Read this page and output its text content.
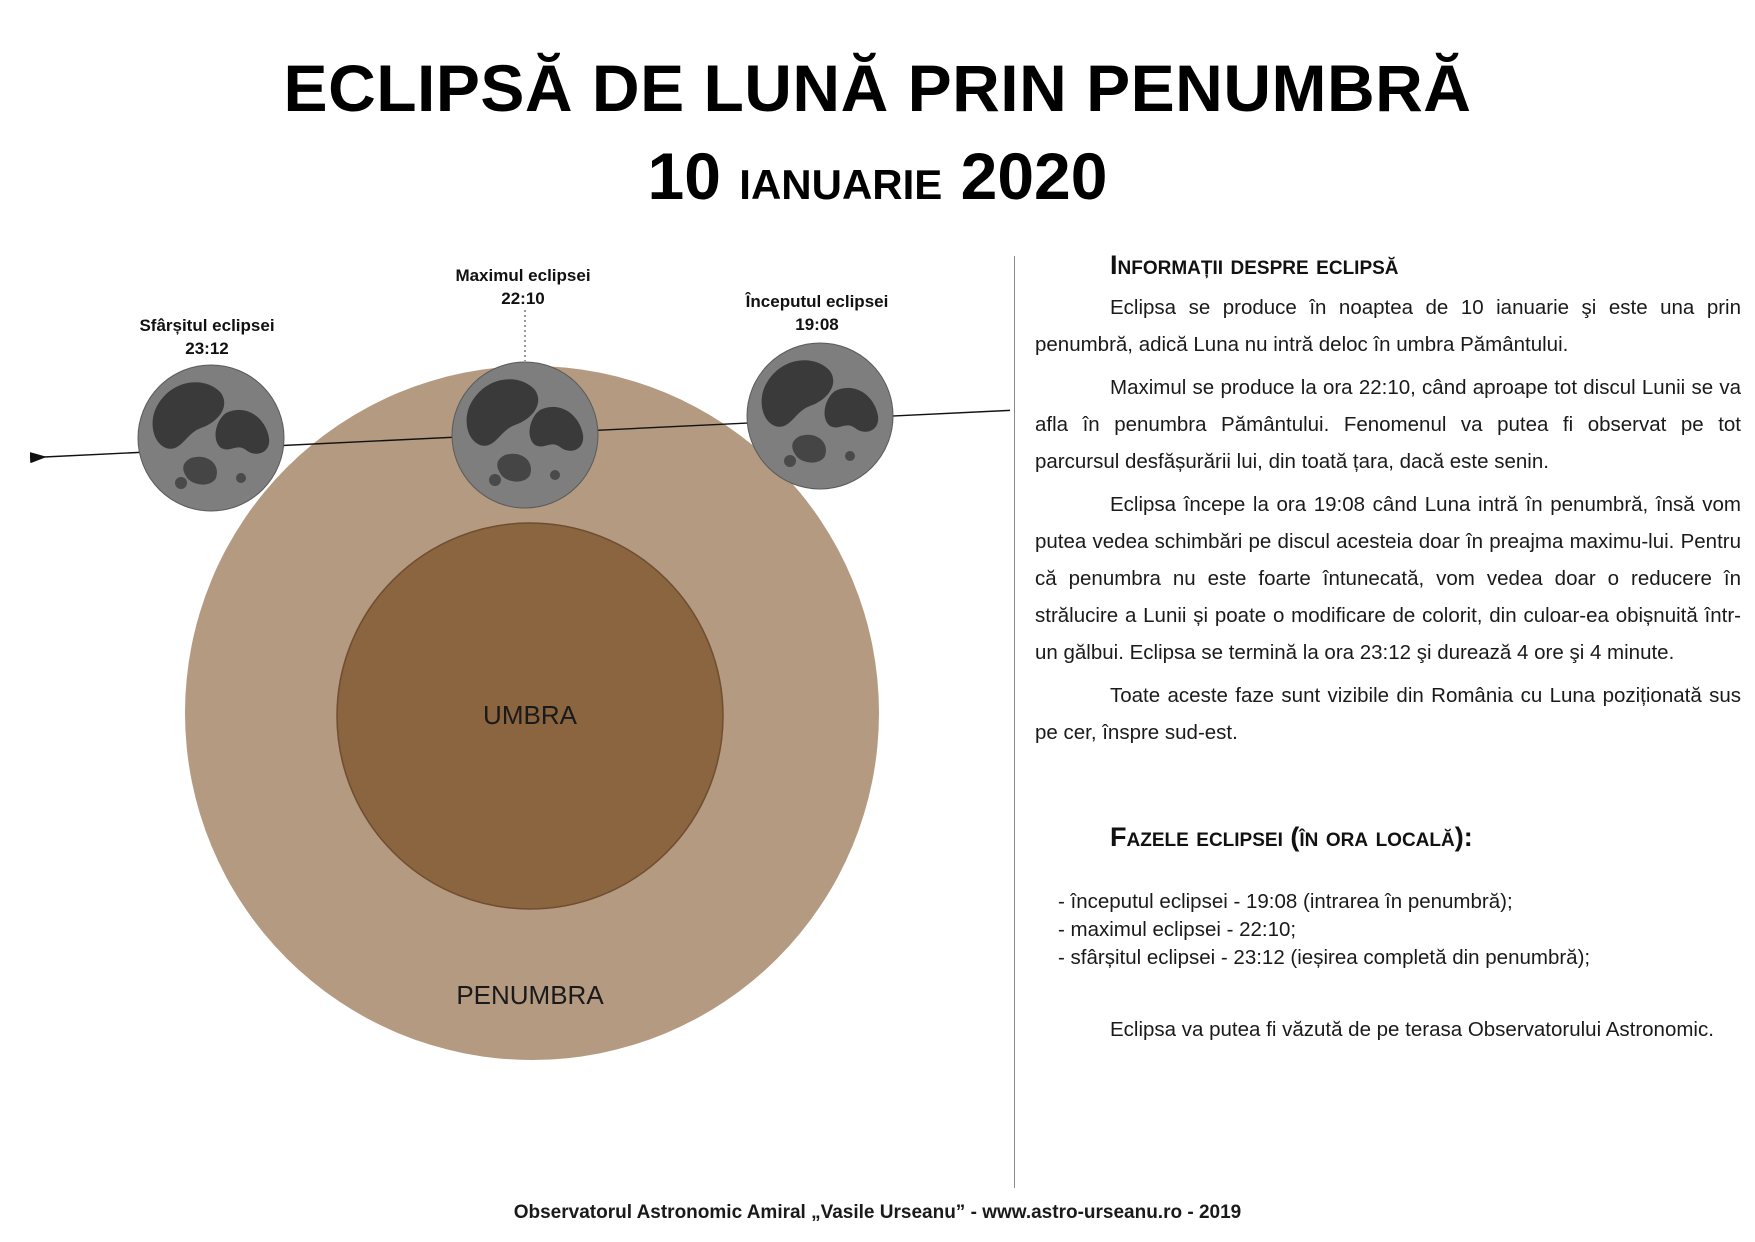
ECLIPSĂ DE LUNĂ PRIN PENUMBRĂ
10 IANUARIE 2020
UMBRA
PENUMBRA
Sfârșitul eclipsei
23:12
Maximul eclipsei
22:10	Începutul eclipsei
19:08
Informații despre eclipsă

Eclipsa se produce în noaptea de 10 ianuarie şi este una prin penumbră, adică Luna nu intră deloc în umbra Pământului.

Maximul se produce la ora 22:10, când aproape tot discul Lunii se va afla în penumbra Pământului. Fenomenul va putea fi observat pe tot parcursul desfășurării lui, din toată țara, dacă este senin.

Eclipsa începe la ora 19:08 când Luna intră în penumbră, însă vom putea vedea schimbări pe discul acesteia doar în preajma maximu-lui. Pentru că penumbra nu este foarte întunecată, vom vedea doar o reducere în strălucire a Lunii și poate o modificare de colorit, din culoar-ea obișnuită într-un gălbui. Eclipsa se termină la ora 23:12 şi durează 4 ore şi 4 minute.

Toate aceste faze sunt vizibile din România cu Luna poziționată sus pe cer, înspre sud-est.

Fazele eclipsei (în ora locală):
- începutul eclipsei - 19:08 (intrarea în penumbră);
- maximul eclipsei - 22:10;
- sfârșitul eclipsei - 23:12 (ieșirea completă din penumbră);
Eclipsa va putea fi văzută de pe terasa Observatorului Astronomic.
Observatorul Astronomic Amiral „Vasile Urseanu” - www.astro-urseanu.ro - 2019
